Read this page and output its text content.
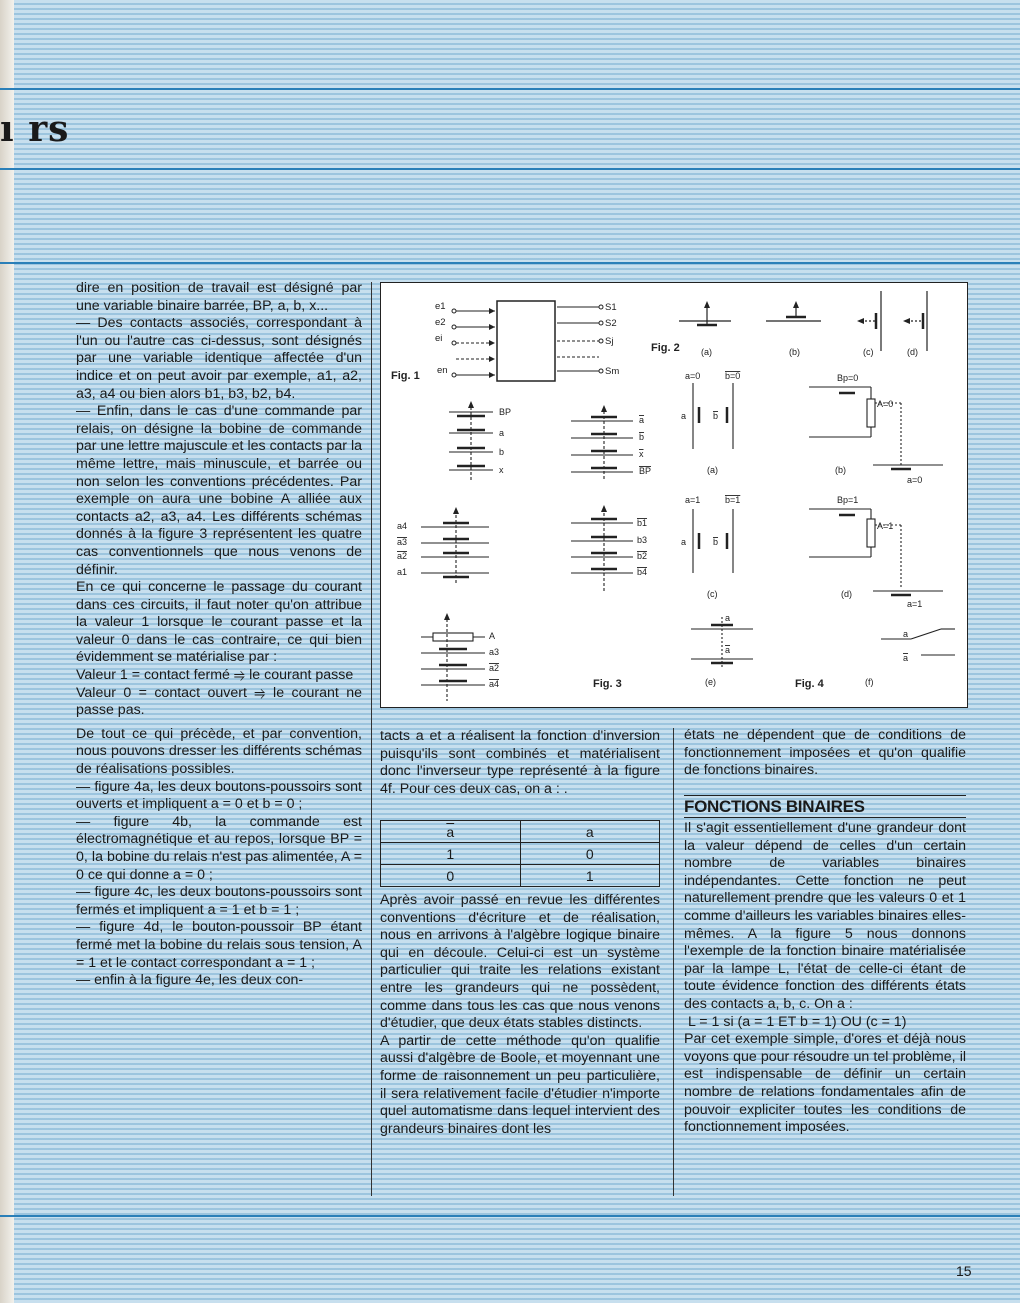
ı rs

dire en position de travail est désigné par une variable binaire barrée, BP, a, b, x...

— Des contacts associés, correspondant à l'un ou l'autre cas ci-dessus, sont désignés par une variable identique affectée d'un indice et on peut avoir par exemple, a1, a2, a3, a4 ou bien alors b1, b3, b2, b4.

— Enfin, dans le cas d'une commande par relais, on désigne la bobine de commande par une lettre majuscule et les contacts par la même lettre, mais minuscule, et barrée ou non selon les conventions précédentes. Par exemple on aura une bobine A alliée aux contacts a2, a3, a4. Les différents schémas donnés à la figure 3 représentent les quatre cas conventionnels que nous venons de définir.

En ce qui concerne le passage du courant dans ces circuits, il faut noter qu'on attribue la valeur 1 lorsque le courant passe et la valeur 0 dans le cas contraire, ce qui bien évidemment se matérialise par :

Valeur 1 = contact fermé ⥤ le courant passe

Valeur 0 = contact ouvert ⥤ le courant ne passe pas.

De tout ce qui précède, et par convention, nous pouvons dresser les différents schémas de réalisations possibles.

— figure 4a, les deux boutons-poussoirs sont ouverts et impliquent a = 0 et b = 0 ;

— figure 4b, la commande est électromagnétique et au repos, lorsque BP = 0, la bobine du relais n'est pas alimentée, A = 0 ce qui donne a = 0 ;

— figure 4c, les deux boutons-poussoirs sont fermés et impliquent a = 1 et b = 1 ;

— figure 4d, le bouton-poussoir BP étant fermé met la bobine du relais sous tension, A = 1 et le contact correspondant a = 1 ;

— enfin à la figure 4e, les deux con-

e1
e2
ei
en
S1
S2
Sj
Sm
Fig. 1
Fig. 2 (a)	(b)	(c)	(d)
BP
a
b
x
a
b
x
BP
a4
a3
a2
a1
b1
b3
b2
b4
A
a3
a2
a4	Fig. 3
a=0	b=0
a	b
(a)
Bp=0
A=0
a=0
(b)
a=1	b=1
a	b
(c)
Bp=1
A=1
a=1
(d)
a
a
(e)
a
a
(f)
Fig. 4

tacts a et a réalisent la fonction d'inversion puisqu'ils sont combinés et matérialisent donc l'inverseur type représenté à la figure 4f. Pour ces deux cas, on a : .

$\overline{a}$	a
1	0
0	1

Après avoir passé en revue les différentes conventions d'écriture et de réalisation, nous en arrivons à l'algèbre logique binaire qui en découle. Celui-ci est un système particulier qui traite les relations existant entre les grandeurs qui ne possèdent, comme dans tous les cas que nous venons d'étudier, que deux états stables distincts.

A partir de cette méthode qu'on qualifie aussi d'algèbre de Boole, et moyennant une forme de raisonnement un peu particulière, il sera relativement facile d'étudier n'importe quel automatisme dans lequel intervient des grandeurs binaires dont les

états ne dépendent que de conditions de fonctionnement imposées et qu'on qualifie de fonctions binaires.

FONCTIONS BINAIRES

Il s'agit essentiellement d'une grandeur dont la valeur dépend de celles d'un certain nombre de variables binaires indépendantes. Cette fonction ne peut naturellement prendre que les valeurs 0 et 1 comme d'ailleurs les variables binaires elles-mêmes. A la figure 5 nous donnons l'exemple de la fonction binaire matérialisée par la lampe L, l'état de celle-ci étant de toute évidence fonction des différents états des contacts a, b, c. On a :

L = 1 si (a = 1 ET b = 1) OU (c = 1)

Par cet exemple simple, d'ores et déjà nous voyons que pour résoudre un tel problème, il est indispensable de définir un certain nombre de relations fondamentales afin de pouvoir expliciter toutes les conditions de fonctionnement imposées.

15
